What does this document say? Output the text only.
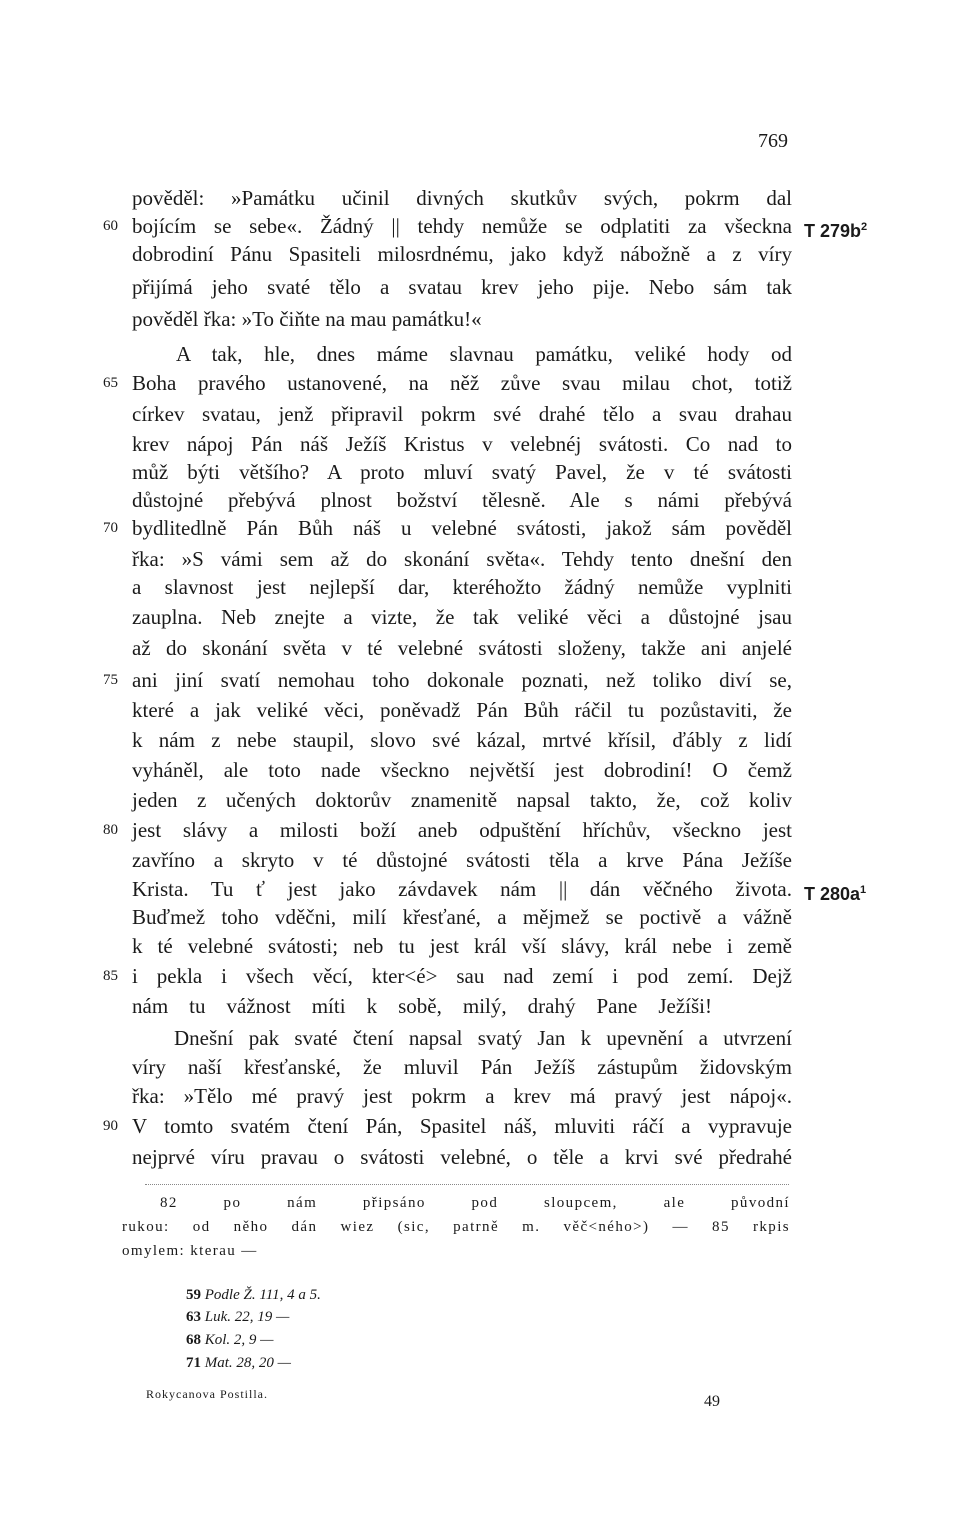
769
pověděl: »Památku učinil divných skutkův svých, pokrm dal
bojícím se sebe«. Žádný || tehdy nemůže se odplatiti za všeckna
dobrodiní Pánu Spasiteli milosrdnému, jako když nábožně a z víry
přijímá jeho svaté tělo a svatau krev jeho pije. Nebo sám tak
pověděl řka: »To čiňte na mau památku!«
A tak, hle, dnes máme slavnau památku, veliké hody od
Boha pravého ustanovené, na něž zůve svau milau chot, totiž
církev svatau, jenž připravil pokrm své drahé tělo a svau drahau
krev nápoj Pán náš Ježíš Kristus v velebnéj svátosti. Co nad to
můž býti většího? A proto mluví svatý Pavel, že v té svátosti
důstojné přebývá plnost božství tělesně. Ale s námi přebývá
bydlitedlně Pán Bůh náš u velebné svátosti, jakož sám pověděl
řka: »S vámi sem až do skonání světa«. Tehdy tento dnešní den
a slavnost jest nejlepší dar, kteréhožto žádný nemůže vyplniti
zauplna. Neb znejte a vizte, že tak veliké věci a důstojné jsau
až do skonání světa v té velebné svátosti složeny, takže ani anjelé
ani jiní svatí nemohau toho dokonale poznati, než toliko diví se,
které a jak veliké věci, poněvadž Pán Bůh ráčil tu pozůstaviti, že
k nám z nebe staupil, slovo své kázal, mrtvé křísil, ďábly z lidí
vyháněl, ale toto nade všeckno největší jest dobrodiní! O čemž
jeden z učených doktorův znamenitě napsal takto, že, což koliv
jest slávy a milosti boží aneb odpuštění hříchův, všeckno jest
zavříno a skryto v té důstojné svátosti těla a krve Pána Ježíše
Krista. Tu ť jest jako závdavek nám || dán věčného života.
Buďmež toho vděčni, milí křesťané, a mějmež se poctivě a vážně
k té velebné svátosti; neb tu jest král vší slávy, král nebe i země
i pekla i všech věcí, kter<é> sau nad zemí i pod zemí. Dejž
nám tu vážnost míti k sobě, milý, drahý Pane Ježíši!
Dnešní pak svaté čtení napsal svatý Jan k upevnění a utvrzení
víry naší křesťanské, že mluvil Pán Ježíš zástupům židovským
řka: »Tělo mé pravý jest pokrm a krev má pravý jest nápoj«.
V tomto svatém čtení Pán, Spasitel náš, mluviti ráčí a vypravuje
nejprvé víru pravau o svátosti velebné, o těle a krvi své předrahé
60
65
70
75
80
85
90
T $279b^2$
T $280a^1$
82 po nám připsáno pod sloupcem, ale původní
rukou: od něho dán wiez (sic, patrně m. věč<ného>) — 85 rkpis
omylem: kterau —
59 Podle Ž. 111, 4 a 5.
63 Luk. 22, 19 —
68 Kol. 2, 9 —
71 Mat. 28, 20 —
Rokycanova Postilla.	49
